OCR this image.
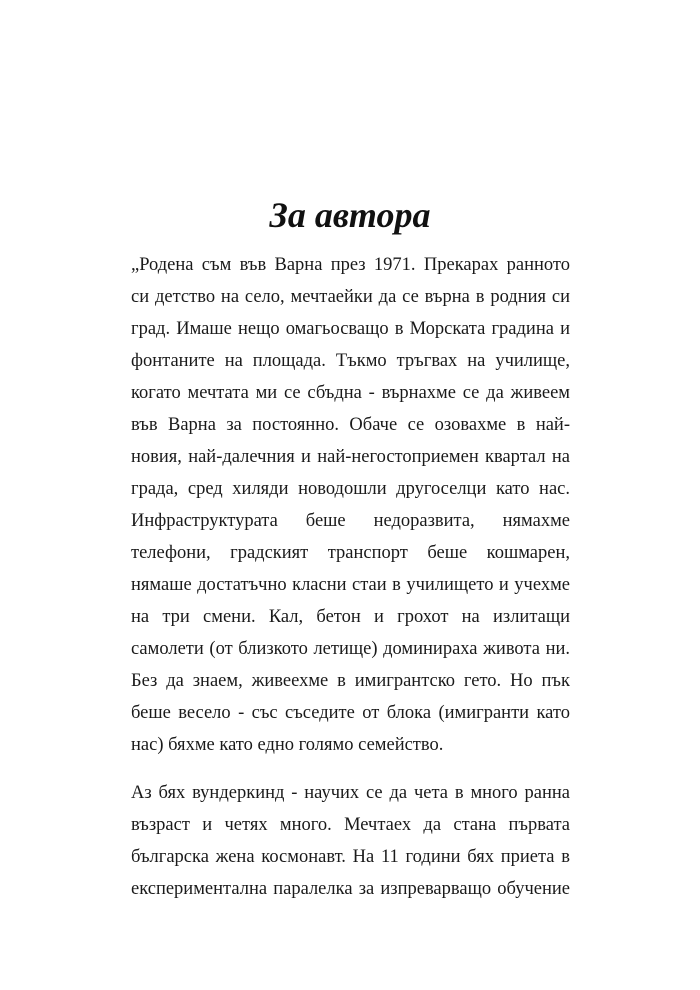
За автора
„Родена съм във Варна през 1971. Прекарах ранното
си детство на село, мечтаейки да се върна в родния си
град. Имаше нещо омагьосващо в Морската градина и
фонтаните на площада. Тъкмо тръгвах на училище,
когато мечтата ми се сбъдна - върнахме се да живеем
във Варна за постоянно. Обаче се озовахме в най-
новия, най-далечния и най-негостоприемен квартал на
града, сред хиляди новодошли другоселци като нас.
Инфраструктурата беше недоразвита, нямахме
телефони, градският транспорт беше кошмарен,
нямаше достатъчно класни стаи в училището и учехме
на три смени. Кал, бетон и грохот на излитащи
самолети (от близкото летище) доминираха живота ни.
Без да знаем, живеехме в имигрантско гето. Но пък
беше весело - със съседите от блока (имигранти като
нас) бяхме като едно голямо семейство.
Аз бях вундеркинд - научих се да чета в много ранна
възраст и четях много. Мечтаех да стана първата
българска жена космонавт. На 11 години бях приета в
експериментална паралелка за изпреварващо обучение
